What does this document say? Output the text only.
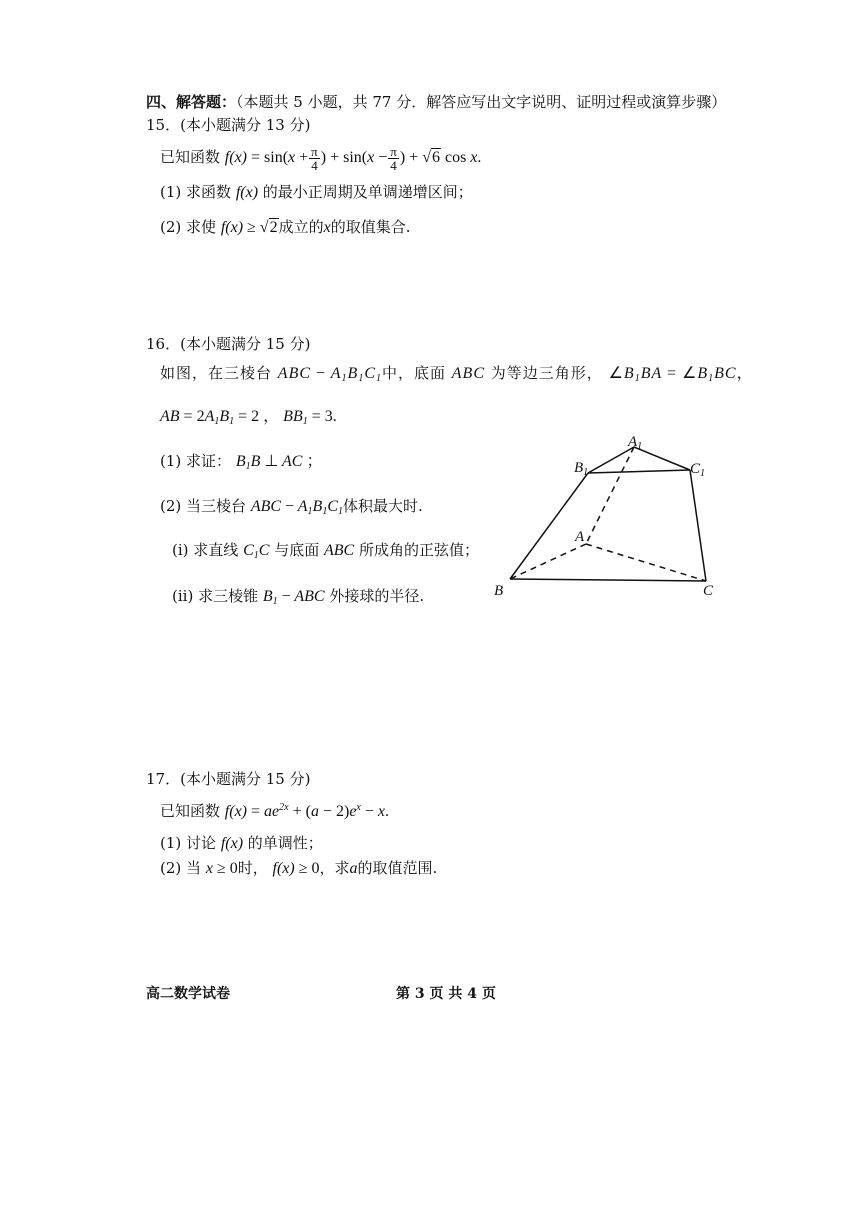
四、解答题：（本题共 5 小题，共 77 分．解答应写出文字说明、证明过程或演算步骤）
15．(本小题满分 13 分)
已知函数 $f(x) = \sin(x + \frac{\pi}{4}$ ) + $\sin(x - \frac{\pi}{4}$ ) + √6 cos x.
(1) 求函数 f(x) 的最小正周期及单调递增区间；
(2) 求使 f(x) ≥ √2成立的x的取值集合.
16．(本小题满分 15 分)
如图，在三棱台 ABC − $A_1B_1C_1$中，底面 ABC 为等边三角形， $\angle B_1BA$ = $\angle B_1BC$，
AB = $2A_1B_1 = 2$ ， $BB_1 = 3$.
(1) 求证： $B_1B$ ⊥ AC ；
(2) 当三棱台 ABC − $A_1B_1C_1$体积最大时.
(i) 求直线 $C_1C$ 与底面 ABC 所成角的正弦值；
(ii) 求三棱锥 $B_1$ − ABC 外接球的半径.
$A_1$
$B_1$	$C_1$
A
B	C
17．(本小题满分 15 分)
已知函数 $f(x) = ae^{2x} + (a - 2)e^x - x$.
(1) 讨论 f(x) 的单调性；
(2) 当 x ≥ 0时， f(x) ≥ 0，求a的取值范围.
高二数学试卷	第 3 页 共 4 页
